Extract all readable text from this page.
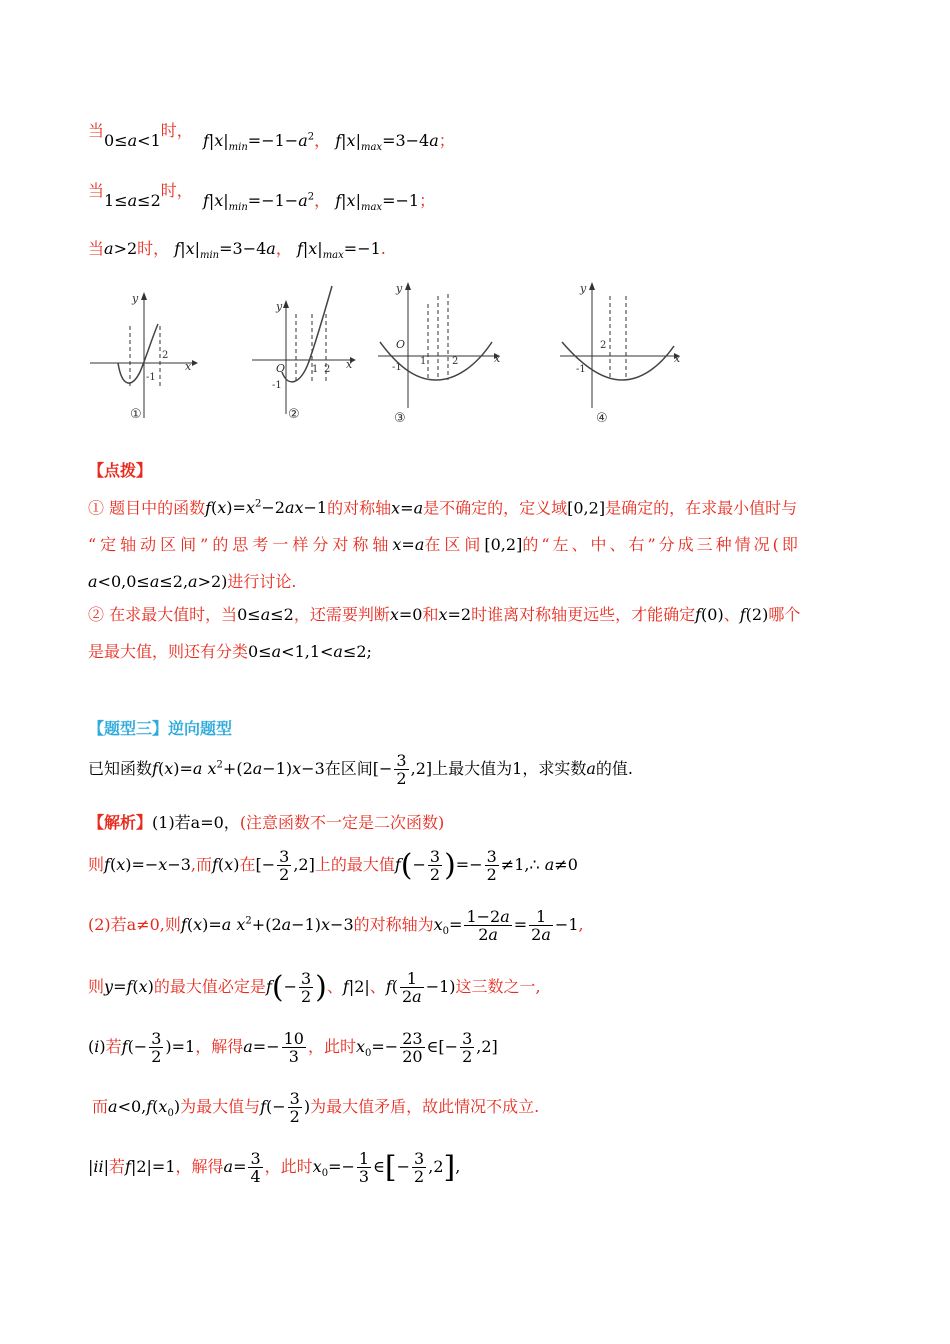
当0≤a<1时，  $f|x|_{min}=-1-a^2$， $f|x|_{max}=3-4a$；
当1≤a≤2时，  $f|x|_{min}=-1-a^2$， $f|x|_{max}=-1$；
当a>2时， $f|x|_{min}=3-4a$， $f|x|_{max}=-1$.
y
x
2
-1
①
y
x
O
-1
1 2
②
y
x
O
-1
1	2
③
y
x
2
-1
④
【点拨】
① 题目中的函数$f(x)=x^2-2ax-1$的对称轴x=a是不确定的，定义域[0,2]是确定的，在求最小值时与
“定轴动区间”的思考一样分对称轴x=a在区间[0,2]的“左、中、右”分成三种情况(即
a<0,0≤a≤2,a>2)进行讨论.
② 在求最大值时，当0≤a≤2，还需要判断x=0和x=2时谁离对称轴更远些，才能确定f(0)、f(2)哪个
是最大值，则还有分类0≤a<1,1<a≤2;
【题型三】逆向题型
已知函数f(x)=a $x^2+(2a-1)x-3$在区间[− $\frac{3}{2} ,2$]上最大值为1，求实数a的值.
【解析】(1)若a=0，(注意函数不一定是二次函数)
则f(x)=−x−3,而f(x)在[− $\frac{3}{2} ,2$]上的最大值$f(- \frac{3}{2}$ )=− $\frac{3}{2}$ ≠1,∴ a≠0
(2)若a≠0,则f(x)=a $x^2+(2a-1)x-3$的对称轴为$x_0= \frac{1-2a}{2a} = \frac{1}{2a} -1$,
则y=f(x)的最大值必定是$f(- \frac{3}{2}$ )、f|2|、$f( \frac{1}{2a} -1)$这三数之一,
(i)若$f(- \frac{3}{2} )=1$，解得$a=- \frac{10}{3}$ ，此时$x_0=- \frac{23}{20}$ ∈[− $\frac{3}{2} ,2$]
而$a<0,f(x_0)$为最大值与$f(- \frac{3}{2}$ )为最大值矛盾，故此情况不成立.
|ii|若f|2|=1，解得$a= \frac{3}{4}$ ，此时$x_0=- \frac{1}{3}$ ∈[− $\frac{3}{2} ,2$],
